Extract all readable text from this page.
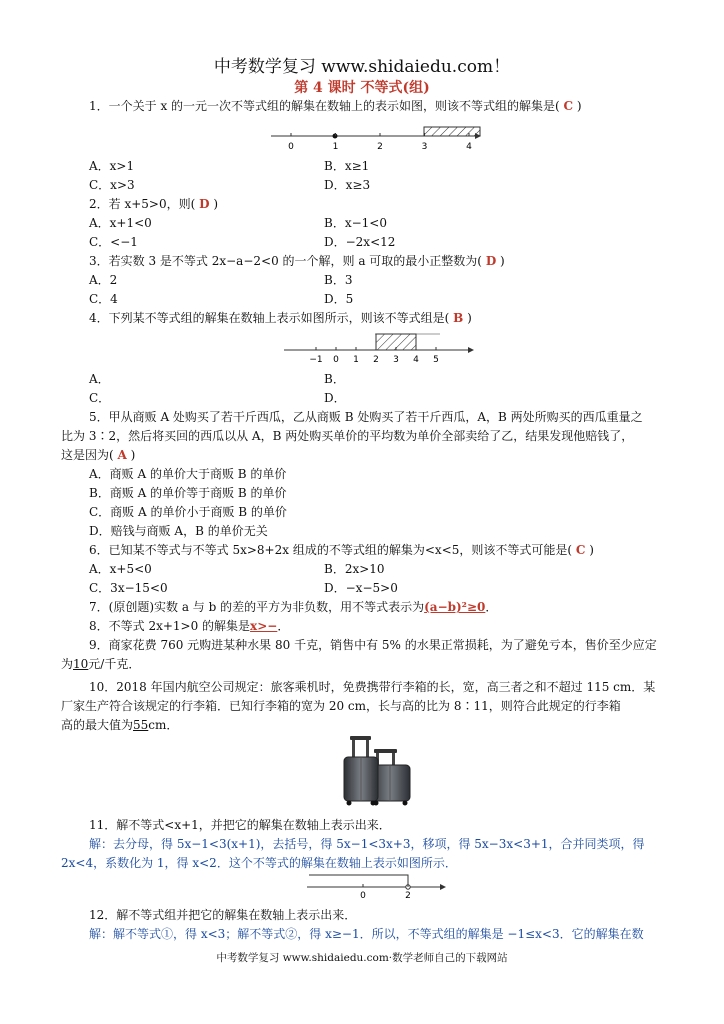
中考数学复习 www.shidaiedu.com！
第 4 课时 不等式(组)
1．一个关于 x 的一元一次不等式组的解集在数轴上的表示如图，则该不等式组的解集是( C )
0	1	2	3	4
A．x>1	B．x≥1
C．x>3	D．x≥3
2．若 x+5>0，则( D )
A．x+1<0	B．x−1<0
C．<−1	D．−2x<12
3．若实数 3 是不等式 2x−a−2<0 的一个解，则 a 可取的最小正整数为( D )
A．2	B．3
C．4	D．5
4．下列某不等式组的解集在数轴上表示如图所示，则该不等式组是( B )
−1 0 1 2 3 4 5
A．	B．
C．	D．
5．甲从商贩 A 处购买了若干斤西瓜，乙从商贩 B 处购买了若干斤西瓜，A，B 两处所购买的西瓜重量之
比为 3∶2，然后将买回的西瓜以从 A，B 两处购买单价的平均数为单价全部卖给了乙，结果发现他赔钱了，
这是因为( A )
A．商贩 A 的单价大于商贩 B 的单价
B．商贩 A 的单价等于商贩 B 的单价
C．商贩 A 的单价小于商贩 B 的单价
D．赔钱与商贩 A，B 的单价无关
6．已知某不等式与不等式 5x>8+2x 组成的不等式组的解集为<x<5，则该不等式可能是( C )
A．x+5<0	B．2x>10
C．3x−15<0	D．−x−5>0
7．(原创题)实数 a 与 b 的差的平方为非负数，用不等式表示为(a−b)²≥0．
8．不等式 2x+1>0 的解集是x>−．
9．商家花费 760 元购进某种水果 80 千克，销售中有 5% 的水果正常损耗，为了避免亏本，售价至少应定
为10元/千克．
10．2018 年国内航空公司规定：旅客乘机时，免费携带行李箱的长，宽，高三者之和不超过 115 cm．某
厂家生产符合该规定的行李箱．已知行李箱的宽为 20 cm，长与高的比为 8∶11，则符合此规定的行李箱
高的最大值为55cm．
11．解不等式<x+1，并把它的解集在数轴上表示出来．
解：去分母，得 5x−1<3(x+1)，去括号，得 5x−1<3x+3，移项，得 5x−3x<3+1，合并同类项，得
2x<4，系数化为 1，得 x<2．这个不等式的解集在数轴上表示如图所示．
0	2
12．解不等式组并把它的解集在数轴上表示出来．
解：解不等式①，得 x<3；解不等式②，得 x≥−1．所以，不等式组的解集是 −1≤x<3．它的解集在数
中考数学复习 www.shidaiedu.com·数学老师自己的下载网站
